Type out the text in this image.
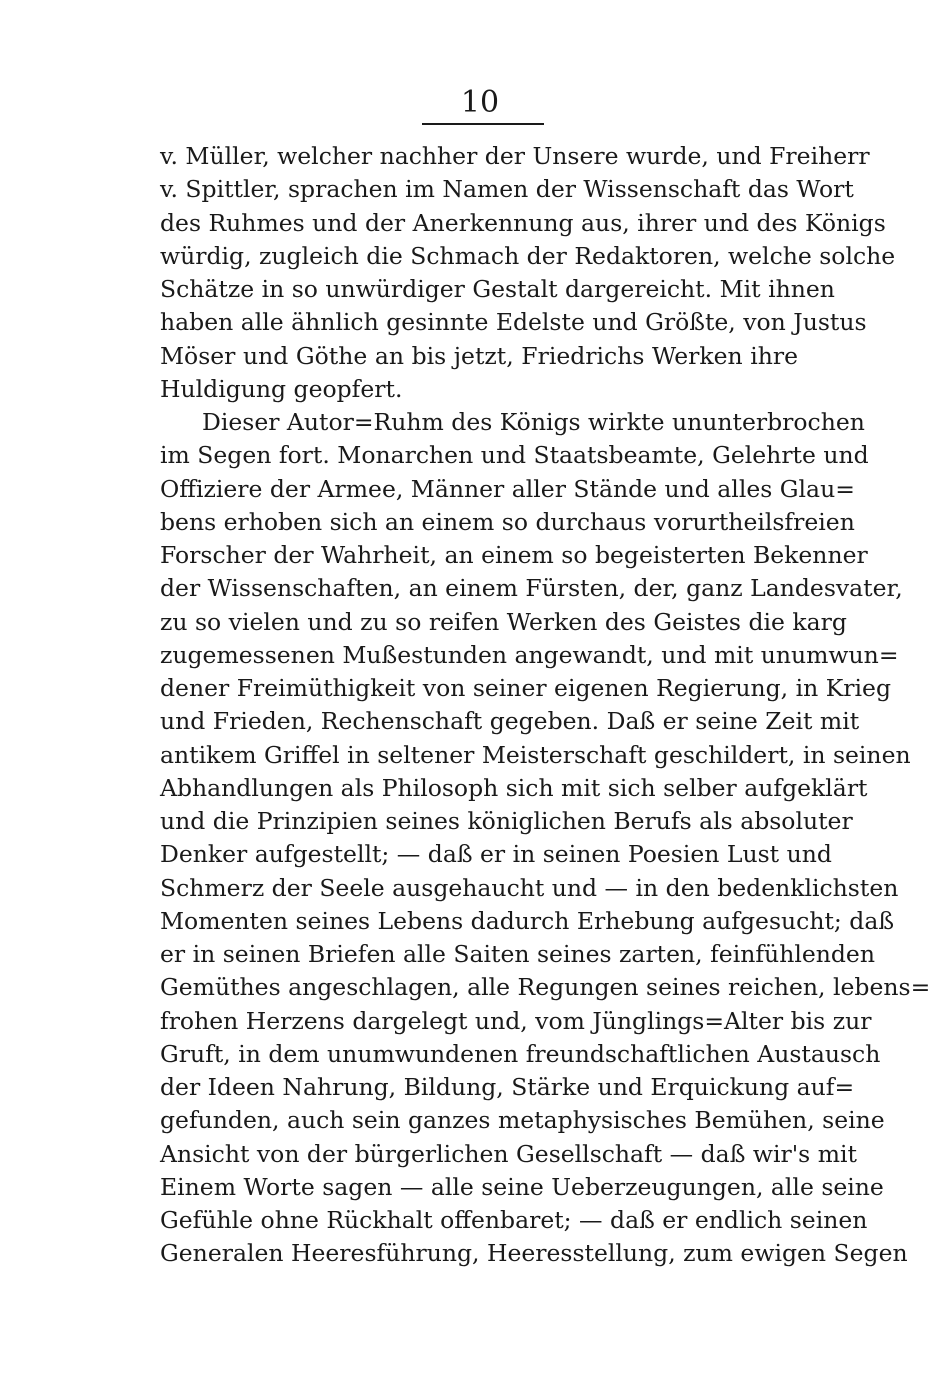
10
v. Müller, welcher nachher der Unsere wurde, und Freiherr
v. Spittler, sprachen im Namen der Wissenschaft das Wort
des Ruhmes und der Anerkennung aus, ihrer und des Königs
würdig, zugleich die Schmach der Redaktoren, welche solche
Schätze in so unwürdiger Gestalt dargereicht. Mit ihnen
haben alle ähnlich gesinnte Edelste und Größte, von Justus
Möser und Göthe an bis jetzt, Friedrichs Werken ihre
Huldigung geopfert.
Dieser Autor=Ruhm des Königs wirkte ununterbrochen
im Segen fort. Monarchen und Staatsbeamte, Gelehrte und
Offiziere der Armee, Männer aller Stände und alles Glau=
bens erhoben sich an einem so durchaus vorurtheilsfreien
Forscher der Wahrheit, an einem so begeisterten Bekenner
der Wissenschaften, an einem Fürsten, der, ganz Landesvater,
zu so vielen und zu so reifen Werken des Geistes die karg
zugemessenen Mußestunden angewandt, und mit unumwun=
dener Freimüthigkeit von seiner eigenen Regierung, in Krieg
und Frieden, Rechenschaft gegeben. Daß er seine Zeit mit
antikem Griffel in seltener Meisterschaft geschildert, in seinen
Abhandlungen als Philosoph sich mit sich selber aufgeklärt
und die Prinzipien seines königlichen Berufs als absoluter
Denker aufgestellt; — daß er in seinen Poesien Lust und
Schmerz der Seele ausgehaucht und — in den bedenklichsten
Momenten seines Lebens dadurch Erhebung aufgesucht; daß
er in seinen Briefen alle Saiten seines zarten, feinfühlenden
Gemüthes angeschlagen, alle Regungen seines reichen, lebens=
frohen Herzens dargelegt und, vom Jünglings=Alter bis zur
Gruft, in dem unumwundenen freundschaftlichen Austausch
der Ideen Nahrung, Bildung, Stärke und Erquickung auf=
gefunden, auch sein ganzes metaphysisches Bemühen, seine
Ansicht von der bürgerlichen Gesellschaft — daß wir's mit
Einem Worte sagen — alle seine Ueberzeugungen, alle seine
Gefühle ohne Rückhalt offenbaret; — daß er endlich seinen
Generalen Heeresführung, Heeresstellung, zum ewigen Segen
